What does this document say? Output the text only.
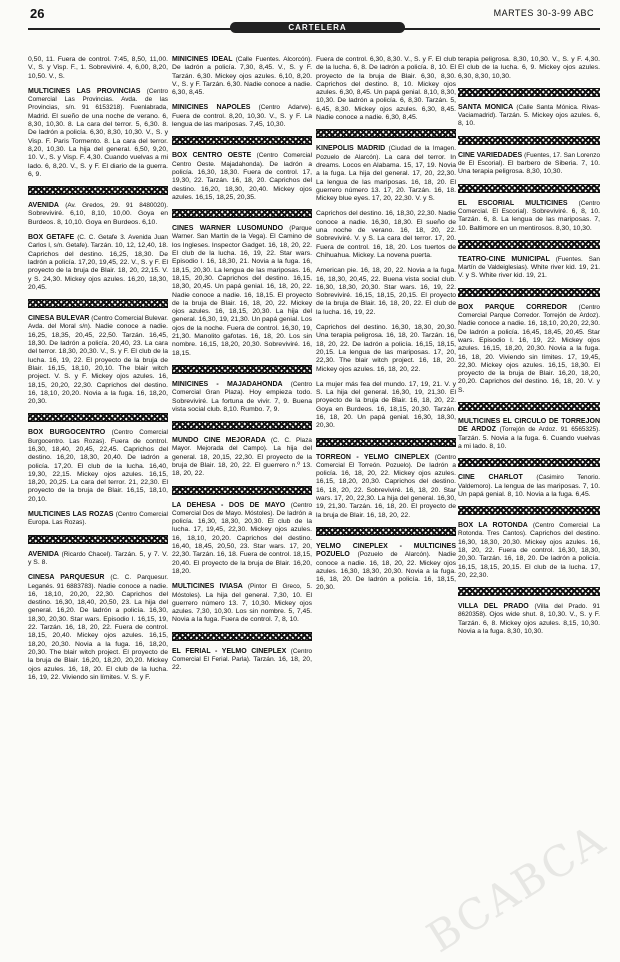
26	MARTES 30-3-99 ABC
CARTELERA
0,50, 11. Fuera de control. 7:45, 8,50, 11,00. V., S. y Visp. F., 1. Sobreviviré. 4, 6,00, 8,20, 10,50. V., S.
MULTICINES LAS PROVINCIAS (Centro Comercial Las Provincias. Avda. de las Provincias, s/n. 91 6153218). Fuenlabrada, Madrid. El sueño de una noche de verano. 6, 8,30, 10,30. 8. La cara del terror. 5, 6,30. 8. De ladrón a policía. 6,30, 8,30, 10,30. V., S. y Visp. F. Paris Tormento. 8. La cara del terror. 8,20, 10,30. La hija del general. 6,50, 9,20, 10. V., S. y Visp. F. 4,30. Cuando vuelvas a mi lado. 6, 8,20. V., S. y F. El diario de la guerra. 6, 9.
AVENIDA (Av. Gredos, 29. 91 8480020). Sobreviviré. 6,10, 8,10, 10,00. Goya en Burdeos. 8, 10,10. Goya en Burdeos. 6,10.
BOX GETAFE (C. C. Getafe 3. Avenida Juan Carlos I, s/n. Getafe). Tarzán. 10, 12, 12,40, 18. Caprichos del destino. 16,25, 18,30. De ladrón a policía. 17,20, 19,45, 22. V., S. y F. El proyecto de la bruja de Blair. 18, 20, 22,15. V. y S. 24,30. Mickey ojos azules. 16,20, 18,30, 20,45.
CINESA BULEVAR (Centro Comercial Bulevar. Avda. del Moral s/n). Nadie conoce a nadie. 16,25, 18,35, 20,45, 22,50. Tarzán. 16,45, 18,30. De ladrón a policía. 20,40, 23. La cara del terror. 18,30, 20,30. V., S. y F. El club de la lucha. 16, 19, 22. El proyecto de la bruja de Blair. 16,15, 18,10, 20,10. The blair witch project. V. S. y F. Mickey ojos azules. 16, 18,15, 20,20, 22,30. Caprichos del destino. 16, 18,10, 20,20. Novia a la fuga. 16, 18,20, 20,30.
BOX BURGOCENTRO (Centro Comercial Burgocentro. Las Rozas). Fuera de control. 16,30, 18,40, 20,45, 22,45. Caprichos del destino. 16,20, 18,30, 20,40. De ladrón a policía. 17,20. El club de la lucha. 16,40, 19,30, 22,15. Mickey ojos azules. 16,15, 18,20, 20,25. La cara del terror. 21, 22,30. El proyecto de la bruja de Blair. 16,15, 18,10, 20,10.
MULTICINES LAS ROZAS (Centro Comercial Europa. Las Rozas).
AVENIDA (Ricardo Chacel). Tarzán. 5, y 7. V. y S. 8.
CINESA PARQUESUR (C. C. Parquesur. Leganés. 91 6883783). Nadie conoce a nadie. 16, 18,10, 20,20, 22,30. Caprichos del destino. 16,30, 18,40, 20,50, 23. La hija del general. 16,20. De ladrón a policía. 16,30, 18,30, 20,30. Star wars. Episodio I. 16,15, 19, 22. Tarzán. 16, 18, 20, 22. Fuera de control. 18,15, 20,40. Mickey ojos azules. 16,15, 18,20, 20,30. Novia a la fuga. 16, 18,20, 20,30. The blair witch project. El proyecto de la bruja de Blair. 16,20, 18,20, 20,20. Mickey ojos azules. 16, 18, 20. El club de la lucha. 16, 19, 22. Viviendo sin límites. V. S. y F.
MINICINES IDEAL (Calle Fuentes. Alcorcón). De ladrón a policía. 7,30, 8,45. V., S. y F. Tarzán. 6,30. Mickey ojos azules. 6,10, 8,20. V., S. y F. Tarzán. 6,30. Nadie conoce a nadie. 6,30, 8,45.
MINICINES NAPOLES (Centro Adarve). Fuera de control. 8,20, 10,30. V., S. y F. La lengua de las mariposas. 7,45, 10,30.
BOX CENTRO OESTE (Centro Comercial Centro Oeste. Majadahonda). De ladrón a policía. 16,30, 18,30. Fuera de control. 17, 19,30, 22. Tarzán. 16, 18, 20. Caprichos del destino. 16,20, 18,30, 20,40. Mickey ojos azules. 16,15, 18,25, 20,35.
CINES WARNER LUSOMUNDO (Parque Warner. San Martín de la Vega). El Camino de los Ingleses. Inspector Gadget. 16, 18, 20, 22. El club de la lucha. 16, 19, 22. Star wars. Episodio I. 16, 18,30, 21. Novia a la fuga. 16, 18,15, 20,30. La lengua de las mariposas. 16, 18,15, 20,30. Caprichos del destino. 16,15, 18,30, 20,45. Un papá genial. 16, 18, 20, 22. Nadie conoce a nadie. 16, 18,15. El proyecto de la bruja de Blair. 16, 18, 20, 22. Mickey ojos azules. 16, 18,15, 20,30. La hija del general. 16,30, 19, 21,30. Un papá genial. Los ojos de la noche. Fuera de control. 16,30, 19, 21,30. Manolito gafotas. 16, 18, 20. Los sin nombre. 16,15, 18,20, 20,30. Sobreviviré. 16, 18,15.
MINICINES - MAJADAHONDA (Centro Comercial Gran Plaza). Hoy empieza todo. Sobreviviré. La fortuna de vivir. 7, 9. Buena vista social club. 8,10. Rumbo. 7, 9.
MUNDO CINE MEJORADA (C. C. Plaza Mayor. Mejorada del Campo). La hija del general. 18, 20,15, 22,30. El proyecto de la bruja de Blair. 18, 20, 22. El guerrero n.º 13. 18, 20, 22.
LA DEHESA - DOS DE MAYO (Centro Comercial Dos de Mayo. Móstoles). De ladrón a policía. 16,30, 18,30, 20,30. El club de la lucha. 17, 19,45, 22,30. Mickey ojos azules. 16, 18,10, 20,20. Caprichos del destino. 16,40, 18,45, 20,50, 23. Star wars. 17, 20, 22,30. Tarzán. 16, 18. Fuera de control. 18,15, 20,40. El proyecto de la bruja de Blair. 16,20, 18,20.
MULTICINES IVIASA (Pintor El Greco, 5. Móstoles). La hija del general. 7,30, 10. El guerrero número 13. 7, 10,30. Mickey ojos azules. 7,30, 10,30. Los sin nombre. 5, 7,45. Novia a la fuga. Fuera de control. 7, 8, 10.
EL FERIAL - YELMO CINEPLEX (Centro Comercial El Ferial. Parla). Tarzán. 16, 18, 20, 22.
Fuera de control. 6,30, 8,30. V., S. y F. El club de la lucha. 6, 8. De ladrón a policía. 8, 10. El proyecto de la bruja de Blair. 6,30, 8,30. Caprichos del destino. 8, 10. Mickey ojos azules. 6,30, 8,45. Un papá genial. 8,10, 8,30, 10,30. De ladrón a policía. 6, 8,30. Tarzán. 5, 6,45, 8,30. Mickey ojos azules. 6,30, 8,45. Nadie conoce a nadie. 6,30, 8,45.
KINEPOLIS MADRID (Ciudad de la Imagen. Pozuelo de Alarcón). La cara del terror. In dreams. Locos en Alabama. 15, 17, 19. Novia a la fuga. La hija del general. 17, 20, 22,30. La lengua de las mariposas. 16, 18, 20. El guerrero número 13. 17, 20. Tarzán. 16, 18. Mickey blue eyes. 17, 20, 22,30. V. y S.
Caprichos del destino. 16, 18,30, 22,30. Nadie conoce a nadie. 16,30, 18,30. El sueño de una noche de verano. 16, 18, 20, 22. Sobreviviré. V. y S. La cara del terror. 17, 20. Fuera de control. 16, 18, 20. Los tuertos de Chihuahua. Mickey. La novena puerta.
American pie. 16, 18, 20, 22. Novia a la fuga. 16, 18,30, 20,45, 22. Buena vista social club. 16,30, 18,30, 20,30. Star wars. 16, 19, 22. Sobreviviré. 16,15, 18,15, 20,15. El proyecto de la bruja de Blair. 16, 18, 20, 22. El club de la lucha. 16, 19, 22.
Caprichos del destino. 16,30, 18,30, 20,30. Una terapia peligrosa. 16, 18, 20. Tarzán. 16, 18, 20, 22. De ladrón a policía. 16,15, 18,15, 20,15. La lengua de las mariposas. 17, 20, 22,30. The blair witch project. 16, 18, 20. Mickey ojos azules. 16, 18, 20, 22.
La mujer más fea del mundo. 17, 19, 21. V. y S. La hija del general. 16,30, 19, 21,30. El proyecto de la bruja de Blair. 16, 18, 20, 22. Goya en Burdeos. 16, 18,15, 20,30. Tarzán. 16, 18, 20. Un papá genial. 16,30, 18,30, 20,30.
TORREON - YELMO CINEPLEX (Centro Comercial El Torreón. Pozuelo). De ladrón a policía. 16, 18, 20, 22. Mickey ojos azules. 16,15, 18,20, 20,30. Caprichos del destino. 16, 18, 20, 22. Sobreviviré. 16, 18, 20. Star wars. 17, 20, 22,30. La hija del general. 16,30, 19, 21,30. Tarzán. 16, 18, 20. El proyecto de la bruja de Blair. 16, 18, 20, 22.
YELMO CINEPLEX - MULTICINES POZUELO (Pozuelo de Alarcón). Nadie conoce a nadie. 16, 18, 20, 22. Mickey ojos azules. 16,30, 18,30, 20,30. Novia a la fuga. 16, 18, 20. De ladrón a policía. 16, 18,15, 20,30.
terapia peligrosa. 8,30, 10,30. V., S. y F. 4,30. El club de la lucha. 6, 9. Mickey ojos azules. 6,30, 8,30, 10,30.
SANTA MONICA (Calle Santa Mónica. Rivas-Vaciamadrid). Tarzán. 5. Mickey ojos azules. 6, 8, 10.
CINE VARIEDADES (Fuentes, 17. San Lorenzo de El Escorial). El barbero de Siberia. 7, 10. Una terapia peligrosa. 8,30, 10,30.
EL ESCORIAL MULTICINES (Centro Comercial. El Escorial). Sobreviviré. 6, 8, 10. Tarzán. 6, 8. La lengua de las mariposas. 7, 10. Baltimore en un mentirosos. 8,30, 10,30.
TEATRO-CINE MUNICIPAL (Fuentes. San Martín de Valdeiglesias). White river kid. 19, 21. V. y S. White river kid. 19, 21.
BOX PARQUE CORREDOR (Centro Comercial Parque Corredor. Torrejón de Ardoz). Nadie conoce a nadie. 16, 18,10, 20,20, 22,30. De ladrón a policía. 16,45, 18,45, 20,45. Star wars. Episodio I. 16, 19, 22. Mickey ojos azules. 16,15, 18,20, 20,30. Novia a la fuga. 16, 18, 20. Viviendo sin límites. 17, 19,45, 22,30. Mickey ojos azules. 16,15, 18,30. El proyecto de la bruja de Blair. 16,20, 18,20, 20,20. Caprichos del destino. 16, 18, 20. V. y S.
MULTICINES EL CIRCULO DE TORREJON DE ARDOZ (Torrejón de Ardoz. 91 6565325). Tarzán. 5. Novia a la fuga. 6. Cuando vuelvas a mi lado. 8, 10.
CINE CHARLOT (Casimiro Tenorio. Valdemoro). La lengua de las mariposas. 7, 10. Un papá genial. 8, 10. Novia a la fuga. 6,45.
BOX LA ROTONDA (Centro Comercial La Rotonda. Tres Cantos). Caprichos del destino. 16,30, 18,30, 20,30. Mickey ojos azules. 16, 18, 20, 22. Fuera de control. 16,30, 18,30, 20,30. Tarzán. 16, 18, 20. De ladrón a policía. 16,15, 18,15, 20,15. El club de la lucha. 17, 20, 22,30.
VILLA DEL PRADO (Villa del Prado. 91 8620358). Ojos wide shut. 8, 10,30. V., S. y F. Tarzán. 6, 8. Mickey ojos azules. 8,15, 10,30. Novia a la fuga. 8,30, 10,30.
BCABCA
